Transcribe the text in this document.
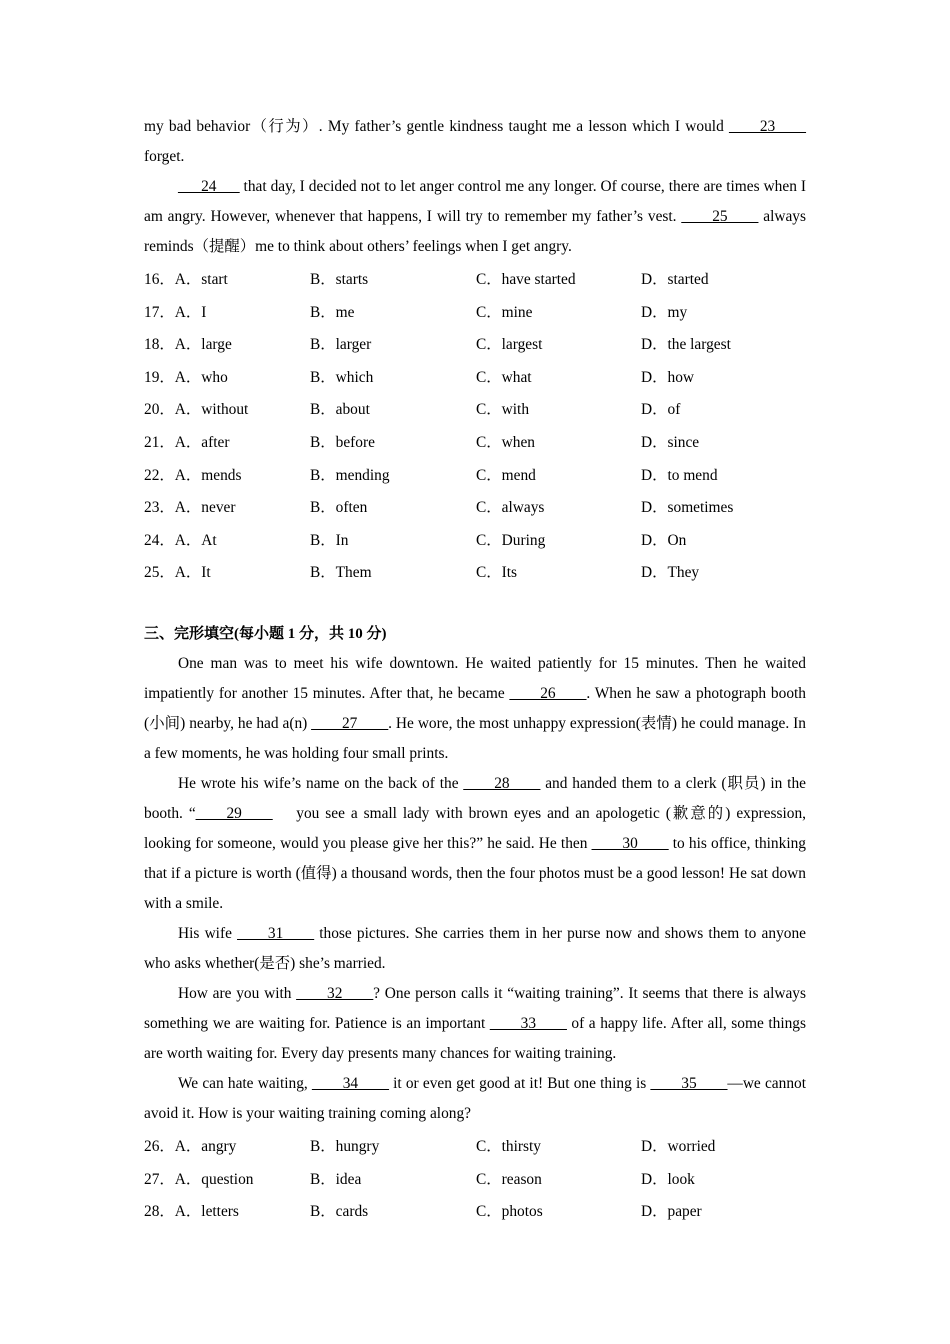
my bad behavior（行为）. My father’s gentle kindness taught me a lesson which I would ____23____ forget.

___24___ that day, I decided not to let anger control me any longer. Of course, there are times when I am angry. However, whenever that happens, I will try to remember my father’s vest. ____25____ always reminds（提醒）me to think about others’ feelings when I get angry.

16．A．start	B．starts	C．have started	D．started
17．A．I	B．me	C．mine	D．my
18．A．large	B．larger	C．largest	D．the largest
19．A．who	B．which	C．what	D．how
20．A．without	B．about	C．with	D．of
21．A．after	B．before	C．when	D．since
22．A．mends	B．mending	C．mend	D．to mend
23．A．never	B．often	C．always	D．sometimes
24．A．At	B．In	C．During	D．On
25．A．It	B．Them	C．Its	D．They
三、完形填空(每小题 1 分，共 10 分)

One man was to meet his wife downtown. He waited patiently for 15 minutes. Then he waited impatiently for another 15 minutes. After that, he became ____26____. When he saw a photograph booth (小间) nearby, he had a(n) ____27____. He wore, the most unhappy expression(表情) he could manage. In a few moments, he was holding four small prints.

He wrote his wife’s name on the back of the ____28____ and handed them to a clerk (职员) in the booth. “____29____    you see a small lady with brown eyes and an apologetic (歉意的) expression, looking for someone, would you please give her this?” he said. He then ____30____ to his office, thinking that if a picture is worth (值得) a thousand words, then the four photos must be a good lesson! He sat down with a smile.

His wife ____31____ those pictures. She carries them in her purse now and shows them to anyone who asks whether(是否) she’s married.

How are you with ____32____? One person calls it “waiting training”. It seems that there is always something we are waiting for. Patience is an important ____33____ of a happy life. After all, some things are worth waiting for. Every day presents many chances for waiting training.

We can hate waiting, ____34____ it or even get good at it! But one thing is ____35____—we cannot avoid it. How is your waiting training coming along?

26．A．angry	B．hungry	C．thirsty	D．worried
27．A．question	B．idea	C．reason	D．look
28．A．letters	B．cards	C．photos	D．paper
